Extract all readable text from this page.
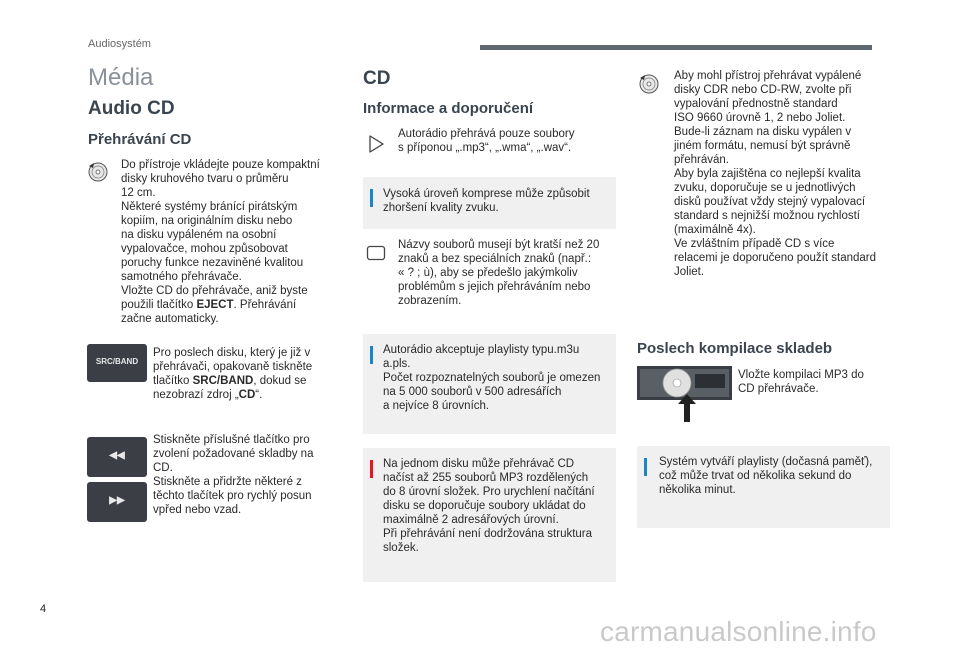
Audiosystém
Média
Audio CD
Přehrávání CD
Do přístroje vkládejte pouze kompaktní
disky kruhového tvaru o průměru
12 cm.
Některé systémy bránící pirátským
kopiím, na originálním disku nebo
na disku vypáleném na osobní
vypalovačce, mohou způsobovat
poruchy funkce nezaviněné kvalitou
samotného přehrávače.
Vložte CD do přehrávače, aniž byste
použili tlačítko EJECT. Přehrávání
začne automaticky.
SRC/BAND
Pro poslech disku, který je již v
přehrávači, opakovaně tiskněte
tlačítko SRC/BAND, dokud se
nezobrazí zdroj „CD“.
◀◀
▶▶
Stiskněte příslušné tlačítko pro
zvolení požadované skladby na
CD.
Stiskněte a přidržte některé z
těchto tlačítek pro rychlý posun
vpřed nebo vzad.
CD
Informace a doporučení
Autorádio přehrává pouze soubory
s příponou „.mp3“, „.wma“, „.wav“.
Vysoká úroveň komprese může způsobit
zhoršení kvality zvuku.
Názvy souborů musejí být kratší než 20
znaků a bez speciálních znaků (např.:
« ? ; ù), aby se předešlo jakýmkoliv
problémům s jejich přehráváním nebo
zobrazením.
Autorádio akceptuje playlisty typu.m3u
a.pls.
Počet rozpoznatelných souborů je omezen
na 5 000 souborů v 500 adresářích
a nejvíce 8 úrovních.
Na jednom disku může přehrávač CD
načíst až 255 souborů MP3 rozdělených
do 8 úrovní složek. Pro urychlení načítání
disku se doporučuje soubory ukládat do
maximálně 2 adresářových úrovní.
Při přehrávání není dodržována struktura
složek.
Aby mohl přístroj přehrávat vypálené
disky CDR nebo CD-RW, zvolte při
vypalování přednostně standard
ISO 9660 úrovně 1, 2 nebo Joliet.
Bude-li záznam na disku vypálen v
jiném formátu, nemusí být správně
přehráván.
Aby byla zajištěna co nejlepší kvalita
zvuku, doporučuje se u jednotlivých
disků používat vždy stejný vypalovací
standard s nejnižší možnou rychlostí
(maximálně 4x).
Ve zvláštním případě CD s více
relacemi je doporučeno použít standard
Joliet.
Poslech kompilace skladeb
Vložte kompilaci MP3 do
CD přehrávače.
Systém vytváří playlisty (dočasná paměť),
což může trvat od několika sekund do
několika minut.
4
carmanualsonline.info
